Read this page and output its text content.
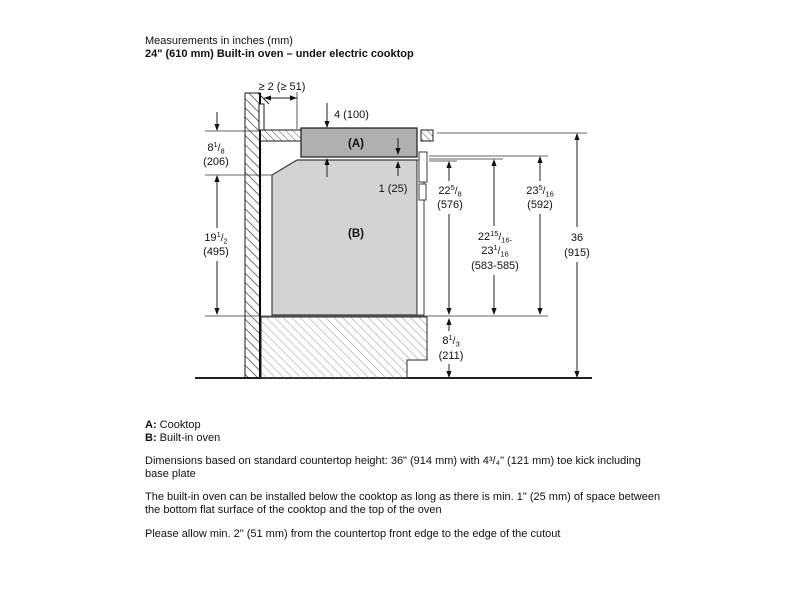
Measurements in inches (mm)
24" (610 mm) Built-in oven – under electric cooktop
(A)
(B)
≥ 2 (≥ 51)
4 (100)
1 (25)
$8^1/_8$
(206)
$19^1/_2$
(495)
$22^5/_8$
(576)
$22^{15}/_{16-}$
$23^1/_{16}$
(583-585)
$23^5/_{16}$
(592)
36
(915)
$8^1/_3$
(211)
A: Cooktop
B: Built-in oven
Dimensions based on standard countertop height: 36" (914 mm) with 4³/₄" (121 mm) toe kick including base plate
The built-in oven can be installed below the cooktop as long as there is min. 1" (25 mm) of space between the bottom flat surface of the cooktop and the top of the oven
Please allow min. 2" (51 mm) from the countertop front edge to the edge of the cutout
